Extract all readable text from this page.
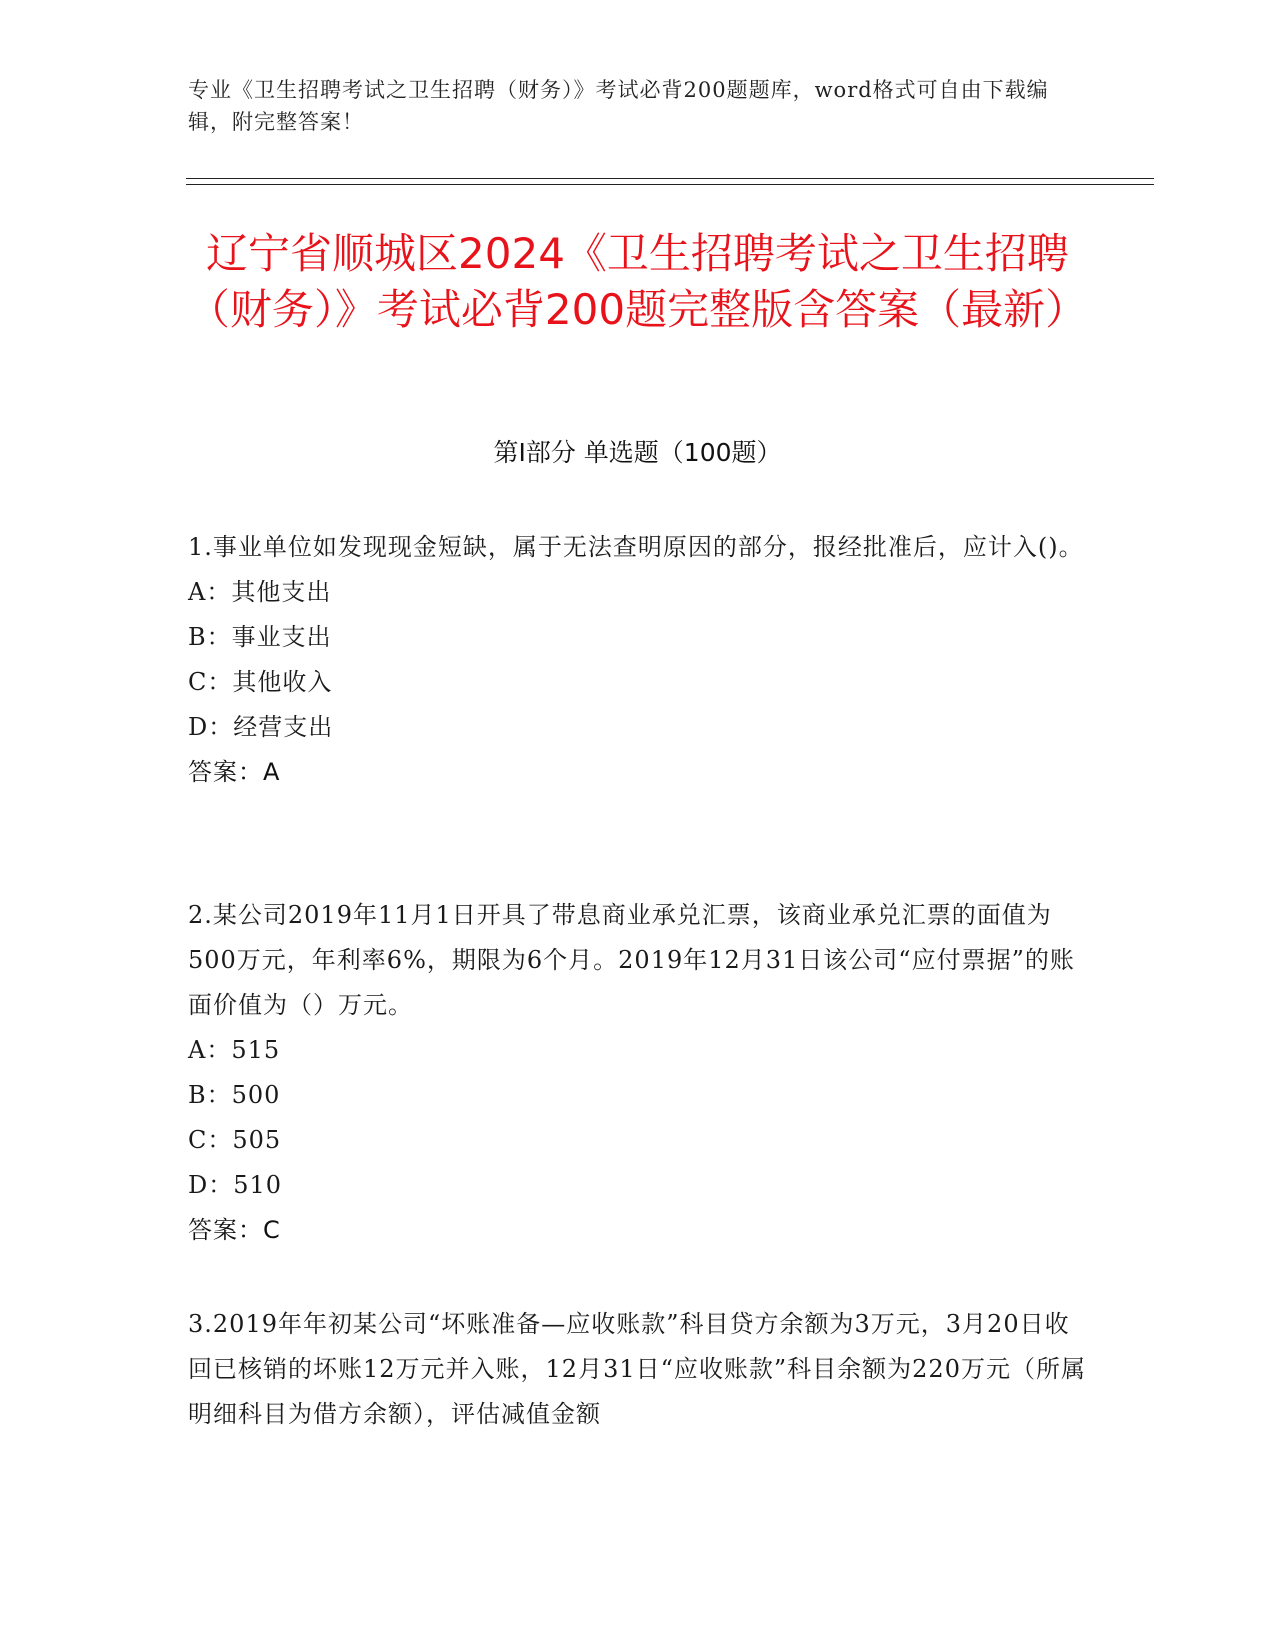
专业《卫生招聘考试之卫生招聘（财务）》考试必背200题题库，word格式可自由下载编辑，附完整答案！
辽宁省顺城区2024《卫生招聘考试之卫生招聘（财务）》考试必背200题完整版含答案（最新）
第Ⅰ部分 单选题（100题）
1.事业单位如发现现金短缺，属于无法查明原因的部分，报经批准后，应计入()。
A：其他支出
B：事业支出
C：其他收入
D：经营支出
答案：A
2.某公司2019年11月1日开具了带息商业承兑汇票，该商业承兑汇票的面值为500万元，年利率6%，期限为6个月。2019年12月31日该公司“应付票据”的账面价值为（）万元。
A：515
B：500
C：505
D：510
答案：C
3.2019年年初某公司“坏账准备—应收账款”科目贷方余额为3万元，3月20日收回已核销的坏账12万元并入账，12月31日“应收账款”科目余额为220万元（所属明细科目为借方余额），评估减值金额
